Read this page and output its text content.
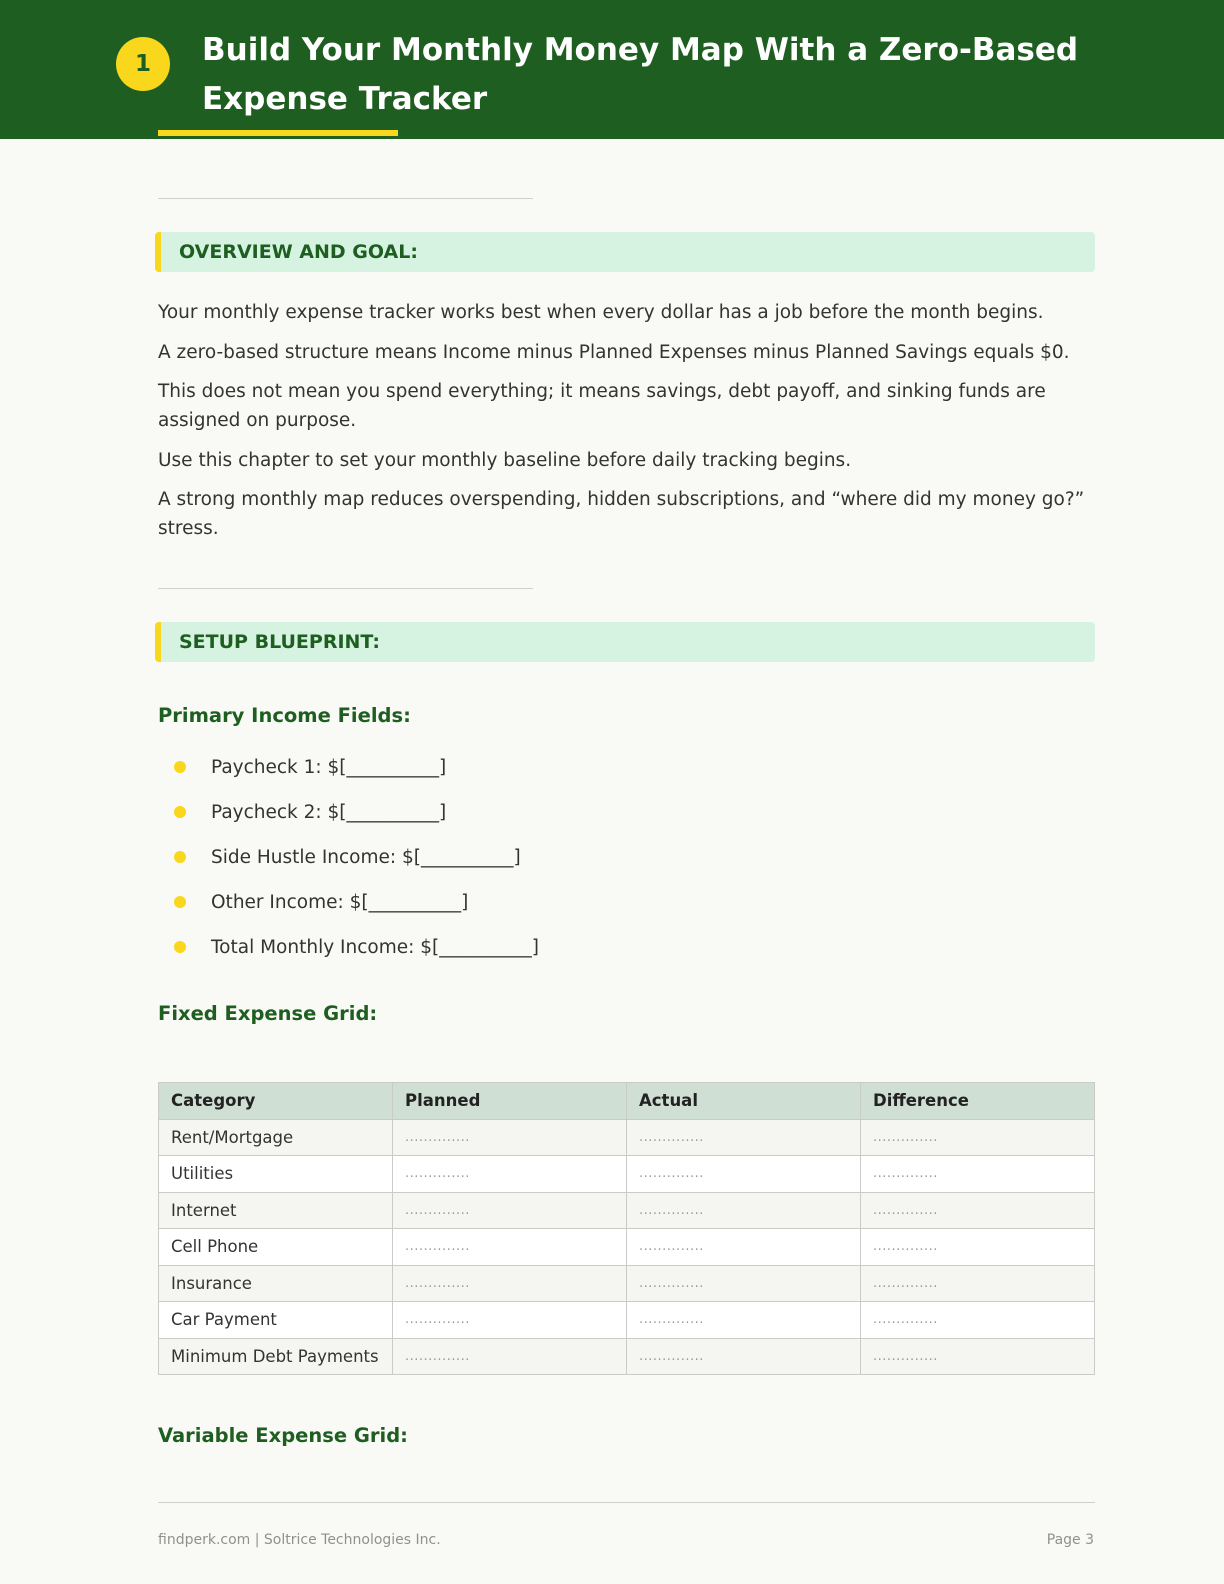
1	Build Your Monthly Money Map With a Zero-Based Expense Tracker
OVERVIEW AND GOAL:

Your monthly expense tracker works best when every dollar has a job before the month begins.

A zero-based structure means Income minus Planned Expenses minus Planned Savings equals $0.

This does not mean you spend everything; it means savings, debt payoff, and sinking funds are assigned on purpose.

Use this chapter to set your monthly baseline before daily tracking begins.

A strong monthly map reduces overspending, hidden subscriptions, and “where did my money go?” stress.

SETUP BLUEPRINT:
Primary Income Fields:
Paycheck 1: $[__________]
Paycheck 2: $[__________]
Side Hustle Income: $[__________]
Other Income: $[__________]
Total Monthly Income: $[__________]
Fixed Expense Grid:
Category	Planned	Actual	Difference
Rent/Mortgage	..............	..............	..............
Utilities	..............	..............	..............
Internet	..............	..............	..............
Cell Phone	..............	..............	..............
Insurance	..............	..............	..............
Car Payment	..............	..............	..............
Minimum Debt Payments	..............	..............	..............
Variable Expense Grid:
findperk.com | Soltrice Technologies Inc.	Page 3
